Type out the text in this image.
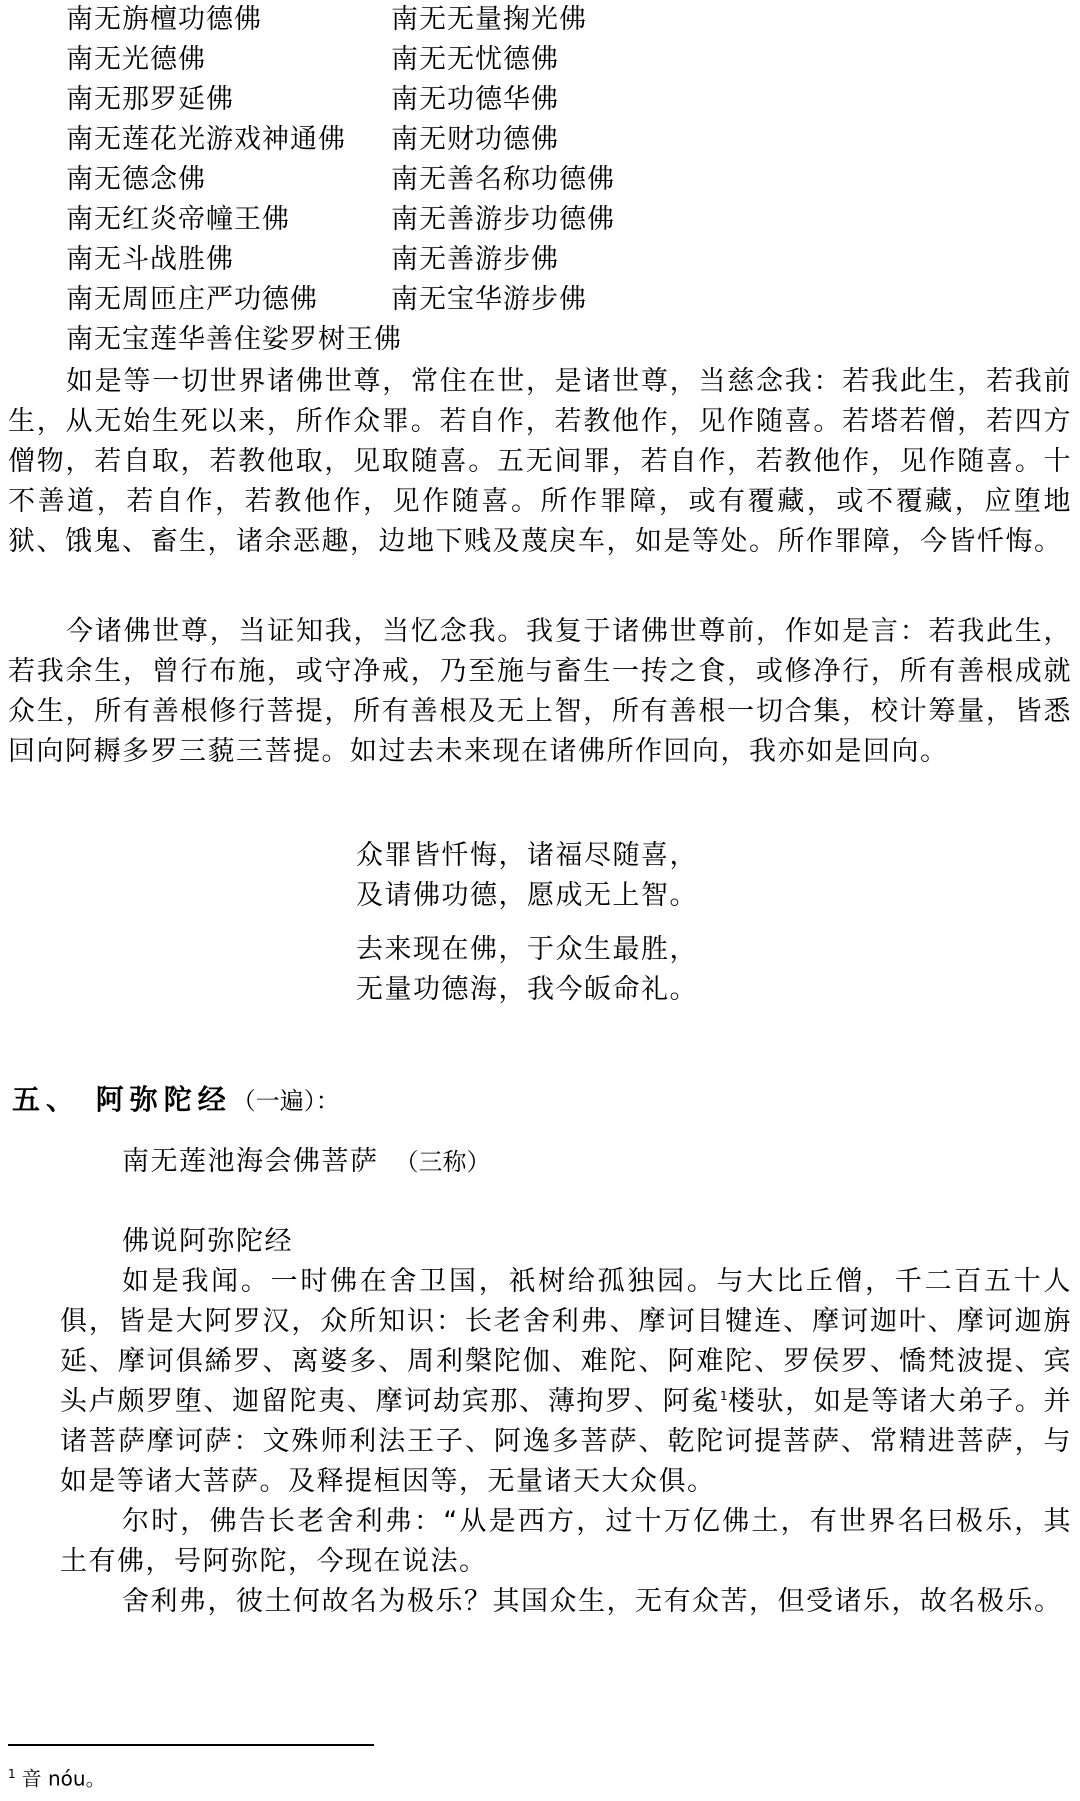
南无旃檀功德佛	南无无量掬光佛
南无光德佛	南无无忧德佛
南无那罗延佛	南无功德华佛
南无莲花光游戏神通佛	南无财功德佛
南无德念佛	南无善名称功德佛
南无红炎帝幢王佛	南无善游步功德佛
南无斗战胜佛	南无善游步佛
南无周匝庄严功德佛	南无宝华游步佛
南无宝莲华善住娑罗树王佛

如是等一切世界诸佛世尊，常住在世，是诸世尊，当慈念我：若我此生，若我前生，从无始生死以来，所作众罪。若自作，若教他作，见作随喜。若塔若僧，若四方僧物，若自取，若教他取，见取随喜。五无间罪，若自作，若教他作，见作随喜。十不善道，若自作，若教他作，见作随喜。所作罪障，或有覆藏，或不覆藏，应堕地狱、饿鬼、畜生，诸余恶趣，边地下贱及蔑戾车，如是等处。所作罪障，今皆忏悔。

今诸佛世尊，当证知我，当忆念我。我复于诸佛世尊前，作如是言：若我此生，若我余生，曾行布施，或守净戒，乃至施与畜生一抟之食，或修净行，所有善根成就众生，所有善根修行菩提，所有善根及无上智，所有善根一切合集，校计筹量，皆悉回向阿耨多罗三藐三菩提。如过去未来现在诸佛所作回向，我亦如是回向。

众罪皆忏悔，诸福尽随喜，
及请佛功德，愿成无上智。
去来现在佛，于众生最胜，
无量功德海，我今皈命礼。
五、 阿弥陀经（一遍）：
南无莲池海会佛菩萨 （三称）
佛说阿弥陀经

如是我闻。一时佛在舍卫国，祇树给孤独园。与大比丘僧，千二百五十人俱，皆是大阿罗汉，众所知识：长老舍利弗、摩诃目犍连、摩诃迦叶、摩诃迦旃延、摩诃俱絺罗、离婆多、周利槃陀伽、难陀、阿难陀、罗侯罗、憍梵波提、宾头卢颇罗堕、迦留陀夷、摩诃劫宾那、薄拘罗、阿㝹$^1$楼驮，如是等诸大弟子。并诸菩萨摩诃萨：文殊师利法王子、阿逸多菩萨、乾陀诃提菩萨、常精进菩萨，与如是等诸大菩萨。及释提桓因等，无量诸天大众俱。

尔时，佛告长老舍利弗：“从是西方，过十万亿佛土，有世界名曰极乐，其土有佛，号阿弥陀，今现在说法。

舍利弗，彼土何故名为极乐？其国众生，无有众苦，但受诸乐，故名极乐。

$^1$ 音 nóu。
